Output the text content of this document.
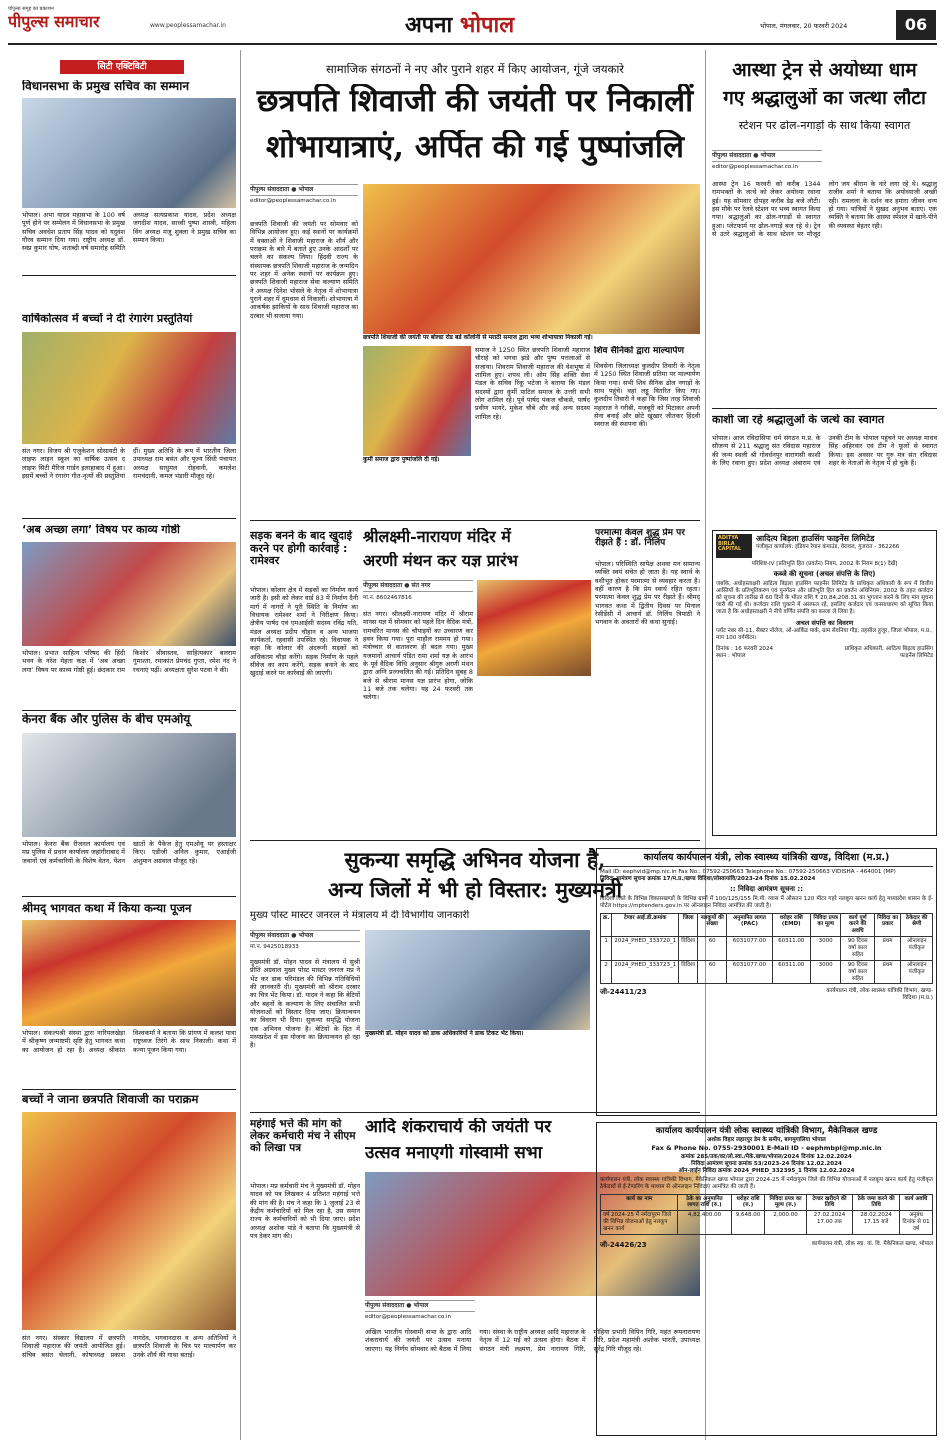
पीपुल्स समूह का प्रकाशन
पीपुल्स समाचार	www.peoplessamachar.in	अपना भोपाल	भोपाल, मंगलवार, 20 फरवरी 2024	06
सिटी एक्टिविटी
विधानसभा के प्रमुख सचिव का सम्मान
भोपाल। अभा यादव महासभा के 100 वर्ष पूर्ण होने पर सम्मेलन में विधानसभा के प्रमुख सचिव अवधेश प्रताप सिंह यादव को यदुवंश गौरव सम्मान दिया गया। राष्ट्रीय अध्यक्ष डॉ. स्वप्न कुमार घोष, शताब्दी वर्ष समारोह समिति अध्यक्ष सत्यप्रकाश यादव, प्रदेश अध्यक्ष जगदीश यादव, साध्वी पुष्पा शास्त्री, महिला विंग अध्यक्ष मंजू शुक्ला ने प्रमुख सचिव का सम्मान किया।
वार्षिकोत्सव में बच्चों ने दी रंगारंग प्रस्तुतियां
संत नगर। विजय श्री एजुकेशन सोसायटी के लाइफ लाइन स्कूल का वार्षिक उत्सव द लाइफ सिटी मैरिज गार्डन इलाहाबाद में हुआ। इसमें बच्चों ने रंगारंग गीत-नृत्यों की प्रस्तुतियां दीं। मुख्य अतिथि के रूप में भारतीय जिला उपाध्यक्ष राम बसंत और पूज्य सिंधी पंचायत अध्यक्ष साधुमल रोहवानी, कमलेश रामचंदानी, कमल भंडारी मौजूद रहे।
‘अब अच्छा लगा’ विषय पर काव्य गोष्ठी
भोपाल। प्रभात साहित्य परिषद की हिंदी भवन के नरेश मेहता कक्ष में ‘अब अच्छा लगा’ विषय पर काव्य गोष्ठी हुई। छंदकार राम किशोर श्रीवास्तव, साहित्यकार बलराम गुमाश्ता, रमाकांत प्रेमचंद गुप्ता, रमेश नंद ने रचनाएं पढ़ीं। अध्यक्षता सुरेश पटवा ने की।
केनरा बैंक और पुलिस के बीच एमओयू
भोपाल। केनरा बैंक रीजनल कार्यालय एवं मप्र पुलिस में प्रधान कार्यालय जहांगीराबाद में जवानों एवं कर्मचारियों के विशेष वेतन, पेंशन खातों के पैकेज हेतु एमओयू पर हस्ताक्षर किए। एडीजी अनिल कुमार, एआईजी अंशुमान अग्रवाल मौजूद रहे।
श्रीमद् भागवत कथा में किया कन्या पूजन
भोपाल। संकल्पश्री संस्था द्वारा नारियलखेड़ा में श्रीकृष्ण जन्माष्टमी सृष्टि हेतु भागवत कथा का आयोजन हो रहा है। अध्यक्ष श्रीकांत विश्वकर्मा ने बताया कि प्रांगण में कलश यात्रा राष्ट्रध्वज तिरंगे के साथ निकाली। कथा में कन्या पूजन किया गया।
बच्चों ने जाना छत्रपति शिवाजी का पराक्रम
संत नगर। संस्कार विद्यालय में छत्रपति शिवाजी महाराज की जयंती आयोजित हुई। संचिव बसंत चेलानी, कोषाध्यक्ष प्रकाश नागदेव, भगवानदास व अन्य अतिथियों ने छत्रपति शिवाजी के चित्र पर माल्यार्पण कर उनके शौर्य की गाथा बताई।
सामाजिक संगठनों ने नए और पुराने शहर में किए आयोजन, गूंजे जयकारे
छत्रपति शिवाजी की जयंती पर निकालीं
शोभायात्राएं, अर्पित की गई पुष्पांजलि
पीपुल्स संवाददाता ● भोपाल
editor@peoplessamachar.co.in
छत्रपति शिवाजी की जयंती पर सोमवार को विभिन्न आयोजन हुए। कई स्थानों पर कार्यक्रमों में वक्ताओं ने शिवाजी महाराज के शौर्य और पराक्रम के बारे में बताते हुए उनके आदर्शों पर चलने का संकल्प लिया। हिंदवी राज्य के संस्थापक छत्रपति शिवाजी महाराज के जन्मदिन पर शहर में अनेक स्थानों पर कार्यक्रम हुए। छत्रपति शिवाजी महाराज सेवा कल्याण समिति ने अध्यक्ष दिनेश भोसले के नेतृत्व में शोभायात्रा पुराने शहर में धूमधाम से निकाली। शोभायात्रा में आकर्षक झांकियों के साथ शिवाजी महाराज का दरबार भी सजाया गया।
छत्रपति शिवाजी की जयंती पर बोल्डा रोड बर्ड कॉलोनी से मराठी समाज द्वारा भव्य शोभायात्रा निकाली गई।
कुर्मी समाज द्वारा पुष्पांजलि दी गई।
समाज ने 1250 स्थित छत्रपति शिवाजी महाराज चौराहे को भगवा झंडे और पुष्प पत्तलाओं से सजाया। शिवराम शिवाजी महाराज की वेशभूषा में शामिल हुए। शपथ ली। ओम सिंह शक्ति सेवा मंडल के सचिव रिंकू भटेजा ने बताया कि मंडल सदस्यों द्वारा कुर्मी पाटिल समाज के उत्तरी सभी लोग शामिल रहे। पूर्व पार्षद पंकज चौकसे, पार्षद प्रवीण भायरे, मुकेश चौबे और कई अन्य सदस्य शामिल रहे।
शिव सैनिकों द्वारा माल्यार्पण
शिवसेना जिलाध्यक्ष कुलदीप तिवारी के नेतृत्व में 1250 स्थित शिवाजी प्रतिमा पर माल्यार्पण किया गया। सभी शिव सैनिक ढोल नगाड़ों के साथ पहुंचे। वहां लड्डू वितरित किए गए। कुलदीप तिवारी ने कहा कि जिस तरह शिवाजी महाराज ने गरीबी, मजबूरी को मिटाकर अपनी सेना बनाई और छोटे खूंखार जीतकर हिंदवी स्वराज की स्थापना की।
आस्था ट्रेन से अयोध्या धाम
गए श्रद्धालुओं का जत्था लौटा
स्टेशन पर ढोल-नगाड़ों के साथ किया स्वागत
पीपुल्स संवाददाता ● भोपाल
editor@peoplessamachar.co.in
आस्था ट्रेन 16 फरवरी को करीब 1344 रामभक्तों के जत्थे को लेकर अयोध्या रवाना हुई। यह सोमवार दोपहर करीब डेढ़ बजे लौटी। इस मौके पर रेलवे स्टेशन पर भव्य स्वागत किया गया। श्रद्धालुओं का ढोल-नगाड़ों से स्वागत हुआ। प्लेटफार्म पर ढोल-नगाड़े बज रहे थे। ट्रेन से उतरे श्रद्धालुओं के साथ स्टेशन पर मौजूद लोग जय श्रीराम के नारे लगा रहे थे। श्रद्धालु राजीव शर्मा ने बताया कि अयोध्याजी अच्छी रही। रामलला के दर्शन कर हमारा जीवन धन्य हो गया। यात्रियों ने सुखद अनुभव बताए। एक व्यक्ति ने बताया कि आस्था स्पेशल में खाने-पीने की व्यवस्था बेहतर रही।
काशी जा रहे श्रद्धालुओं के जत्थे का स्वागत
भोपाल। आज रविदासिया धर्म संगठन म.प्र. के सौजन्य से 211 श्रद्धालु संत रविदास महाराज की जन्म स्थली श्री गोवर्धनपुर वाराणसी काशी के लिए रवाना हुए। प्रदेश अध्यक्ष अंबाराम एवं उनकी टीम के भोपाल पहुंचने पर अध्यक्ष माधव सिंह अहिरवार एवं टीम ने फूलों से स्वागत किया। इस अवसर पर गुरु मंत्र संत रविदास शहर के नेताओं के नेतृत्व में हो चुके हैं।
सड़क बनने के बाद खुदाई करने पर होगी कार्रवाई : रामेश्वर
भोपाल। कोलार क्षेत्र में सड़कों का निर्माण कार्य जारी है। इसी को लेकर वार्ड 83 में निर्माण दैनी मार्ग में नागरों ने पूरी स्थिति के निर्माण का विधायक रामेश्वर शर्मा ने निरीक्षण किया। क्षेत्रीय पार्षद एवं एमआईसी सदस्य रविंद्र यति, मंडल अध्यक्ष प्रदीप चौहान व अन्य भाजपा कार्यकर्ता, रहवासी उपस्थित रहे। विधायक ने कहा कि कोलार की अंदरूनी सड़कों को अधिकतम चौड़ा करेंगे। सड़क निर्माण के पहले सीवेज का काम करेंगे, सड़क बनाने के बाद खुदाई करने पर कार्रवाई की जाएगी।
श्रीलक्ष्मी-नारायण मंदिर में
अरणी मंथन कर यज्ञ प्रारंभ
पीपुल्स संवाददाता ● संत नगर
मो.नं. 8602467816
संत नगर। श्रीलक्ष्मी-नारायण मंदिर में श्रीराम मानस यज्ञ में सोमवार को पहले दिन वैदिक मंत्रों, रामचरित मानस की चौपाइयों का उच्चारण कर हवन किया गया। पूरा माहौल राममय हो गया। मंत्रोच्चार से वातावरण ही बदल गया। मुख्य यजमानों आचार्य पंडित रामा शर्मा यज्ञ के आरंभ के पूर्व वैदिक विधि अनुसार श्रीगुरु अरणी मंथन द्वारा अग्नि प्रज्ज्वलित की गई। प्रतिदिन सुबह 8 बजे से श्रीराम मानस यज्ञ प्रारंभ होगा, जोकि 11 बजे तक चलेगा। यह 24 फरवरी तक चलेगा।
परमात्मा केवल शुद्ध प्रेम पर रीझते हैं : डॉ. निलिंप
भोपाल। परिस्थिति सापेक्ष अथवा मन सामान्य व्यक्ति स्वयं सचेत हो जाता है। यह स्वार्थ के वशीभूत होकर परमात्मा से व्यवहार करता है। वहीं कारण है कि प्रेम स्वार्थ रहित रहता। परमात्मा केवल शुद्ध प्रेम पर रीझते हैं। श्रीमद् भागवत कथा में द्वितीय दिवस पर मिनाल रेसीडेंसी में आचार्य डॉ. निलिंप त्रिपाठी ने भगवान के अवतारों की कथा सुनाई।
ADITYA BIRLA CAPITAL
आदित्य बिड़ला हाउसिंग फाइनेंस लिमिटेड
पंजीकृत कार्यालय: इंडियन रेयान कंपाउंड, वेरावल, गुजरात - 362266
परिशिष्ट-IV [प्रतिभूति हित (प्रवर्तन) नियम, 2002 के नियम 8(1) देखें]
कब्जे की सूचना (अचल संपत्ति के लिए)
जबकि, अधोहस्ताक्षरी आदित्य बिड़ला हाउसिंग फाइनेंस लिमिटेड के प्राधिकृत अधिकारी के रूप में वित्तीय आस्तियों के प्रतिभूतिकरण एवं पुनर्गठन और प्रतिभूति हित का प्रवर्तन अधिनियम, 2002 के तहत कर्जदार को सूचना की तारीख से 60 दिनों के भीतर राशि ₹ 20,84,208.31 का भुगतान करने के लिए मांग सूचना जारी की गई थी। कर्जदार राशि चुकाने में असफल रहे, इसलिए कर्जदार एवं जनसाधारण को सूचित किया जाता है कि अधोहस्ताक्षरी ने नीचे वर्णित संपत्ति का कब्जा ले लिया है।
अचल संपत्ति का विवरण
प्लॉट नंबर सी-11, सैक्टर नॉलेज, ओ-आर्किड पार्क, ग्राम सेवनिया गौड़, तहसील हुजूर, जिला भोपाल, म.प्र., माप 100 वर्गमीटर।
दिनांक : 16 फरवरी 2024
स्थान : भोपाल
प्राधिकृत अधिकारी, आदित्य बिड़ला हाउसिंग फाइनेंस लिमिटेड
सुकन्या समृद्धि अभिनव योजना है,
अन्य जिलों में भी हो विस्तार: मुख्यमंत्री
मुख्य पोस्ट मास्टर जनरल ने मंत्रालय में दी विभागीय जानकारी
पीपुल्स संवाददाता ● भोपाल
मो.नं. 9425018933
मुख्यमंत्री डॉ. मोहन यादव से मंत्रालय में सुश्री प्रीति अग्रवाल मुख्य पोस्ट मास्टर जनरल मप्र ने भेंट कर डाक परिमंडल की विभिन्न गतिविधियों की जानकारी दी। मुख्यमंत्री को श्रीराम दरबार का चित्र भेंट किया। डॉ. यादव ने कहा कि बेटियों और बहनों के कल्याण के लिए संचालित सभी योजनाओं को विस्तार दिया जाए। क्रियान्वयन का विवरण भी दिया। सुकन्या समृद्धि योजना एक अभिनव योजना है। बेटियों के हित में मध्यप्रदेश में इस योजना का क्रियान्वयन हो रहा है।
मुख्यमंत्री डॉ. मोहन यादव को डाक अधिकारियों ने डाक टिकट भेंट किया।
महंगाई भत्ते की मांग को लेकर कर्मचारी मंच ने सीएम को लिखा पत्र
भोपाल। मप्र कर्मचारी मंच ने मुख्यमंत्री डॉ. मोहन यादव को पत्र लिखकर 4 प्रतिशत महंगाई भत्ते की मांग की है। मंच ने कहा कि 1 जुलाई 23 से केंद्रीय कर्मचारियों को मिल रहा है, उस समान राज्य के कर्मचारियों को भी दिया जाए। प्रदेश अध्यक्ष अशोक पांडे ने बताया कि मुख्यमंत्री से पत्र देकर मांग की।
आदि शंकराचार्य की जयंती पर
उत्सव मनाएगी गोस्वामी सभा
पीपुल्स संवाददाता ● भोपाल
editor@peoplessamachar.co.in
अखिल भारतीय गोस्वामी सभा के द्वारा आदि शंकराचार्य की जयंती पर उत्सव मनाया जाएगा। यह निर्णय सोमवार को बैठक में लिया गया। संस्था के राष्ट्रीय अध्यक्ष आदि महाराज के नेतृत्व में 12 मई को उत्सव होगा। बैठक में संगठन मंत्री लक्ष्मण, प्रेम नारायण गिरि, मोहिया प्रभारी विपिन गिरि, महंत रूपनारायण गिरि, प्रदेश महामंत्री अशोक भारती, उपाध्यक्ष सुरेंद्र गिरि मौजूद रहे।
कार्यालय कार्यपालन यंत्री, लोक स्वास्थ्य यांत्रिकी खण्ड, विदिशा (म.प्र.)
Mail ID: eephvid@mp.nic.in Fax No.: 07592-250663 Telephone No.: 07592-250663 VIDISHA - 464001 (MP)
निविदा आमंत्रण सूचना क्रमांक 17/म.प्र./खण्ड विदिशा/लोस्वायांवि/2023-24 दिनांक 15.02.2024
:: निविदा आमंत्रण सूचना ::
विदिशा जिले के विभिन्न विकासखण्डों के विभिन्न ग्रामों में 100/125/155 मि.मी. व्यास में औसतन 120 मीटर गहरे नलकूप खनन कार्य हेतु मध्यप्रदेश शासन के ई-पोर्टल https://mptenders.gov.in पर ऑनलाइन निविदा आमंत्रित की जाती है।
क्र.	टेण्डर आई.डी.क्रमांक	जिला	नलकूपों की संख्या	अनुमानित लागत (PAC)	धरोहर राशि (EMD)	निविदा प्रपत्र का मूल्य	कार्य पूर्ण करने की अवधि	निविदा का प्रकार	ठेकेदार की श्रेणी
1	2024_PHED_333720_1	विदिशा	60	6031077.00	60311.00	3000	90 दिवस वर्षा काल सहित	प्रथम	ऑनलाइन पंजीकृत
2	2024_PHED_333723_1	विदिशा	60	6031077.00	60311.00	3000	90 दिवस वर्षा काल सहित	प्रथम	ऑनलाइन पंजीकृत
जी-24411/23	कार्यपालन यंत्री, लोक स्वास्थ्य यांत्रिकी विभाग, खण्ड-विदिशा (म.प्र.)
कार्यालय कार्यपालन यंत्री लोक स्वास्थ्य यांत्रिकी विभाग, मैकेनिकल खण्ड
अशोक विहार लहारपुर डेम के समीप, बागमुगालिया भोपाल
Fax & Phone No. 0755-2930001 E-Mail ID - eephmbpl@mp.nic.in
क्रमांक 285/तक/का/लो.स्वा./मैके.खण्ड/भोपाल/2024 दिनांक 12.02.2024
निविदा आमंत्रण सूचना क्रमांक 53/2023-24 दिनांक 12.02.2024
ऑन-लाईन निविदा क्रमांक 2024_PHED_332395_1 दिनांक 12.02.2024
कार्यपालन यंत्री, लोक स्वास्थ्य यांत्रिकी विभाग, मैकेनिकल खण्ड भोपाल द्वारा 2024-25 में नर्मदापुरम जिले की विभिन्न योजनाओं में नलकूप खनन कार्य हेतु पंजीकृत ठेकेदारों से ई-टेण्डरिंग के माध्यम से ऑनलाइन निविदाएं आमंत्रित की जाती हैं।
कार्य का नाम	ठेके का अनुमानित लागत राशि (रु.)	धरोहर राशि (रु.)	निविदा प्रपत्र का मूल्य (रु.)	टेण्डर खरीदने की तिथि	ठेके जमा करने की तिथि	कार्य अवधि
वर्ष 2024-25 में नर्मदापुरम जिले की विभिन्न योजनाओं हेतु नलकूप खनन कार्य	4,82,400.00	9,648.00	2,000.00	27.02.2024 17.00 तक	28.02.2024 17.15 बजे	अनुबंध दिनांक से 01 वर्ष
जी-24426/23	कार्यपालन यंत्री, लोक स्वा. यां. वि. मैकेनिकल खण्ड, भोपाल
